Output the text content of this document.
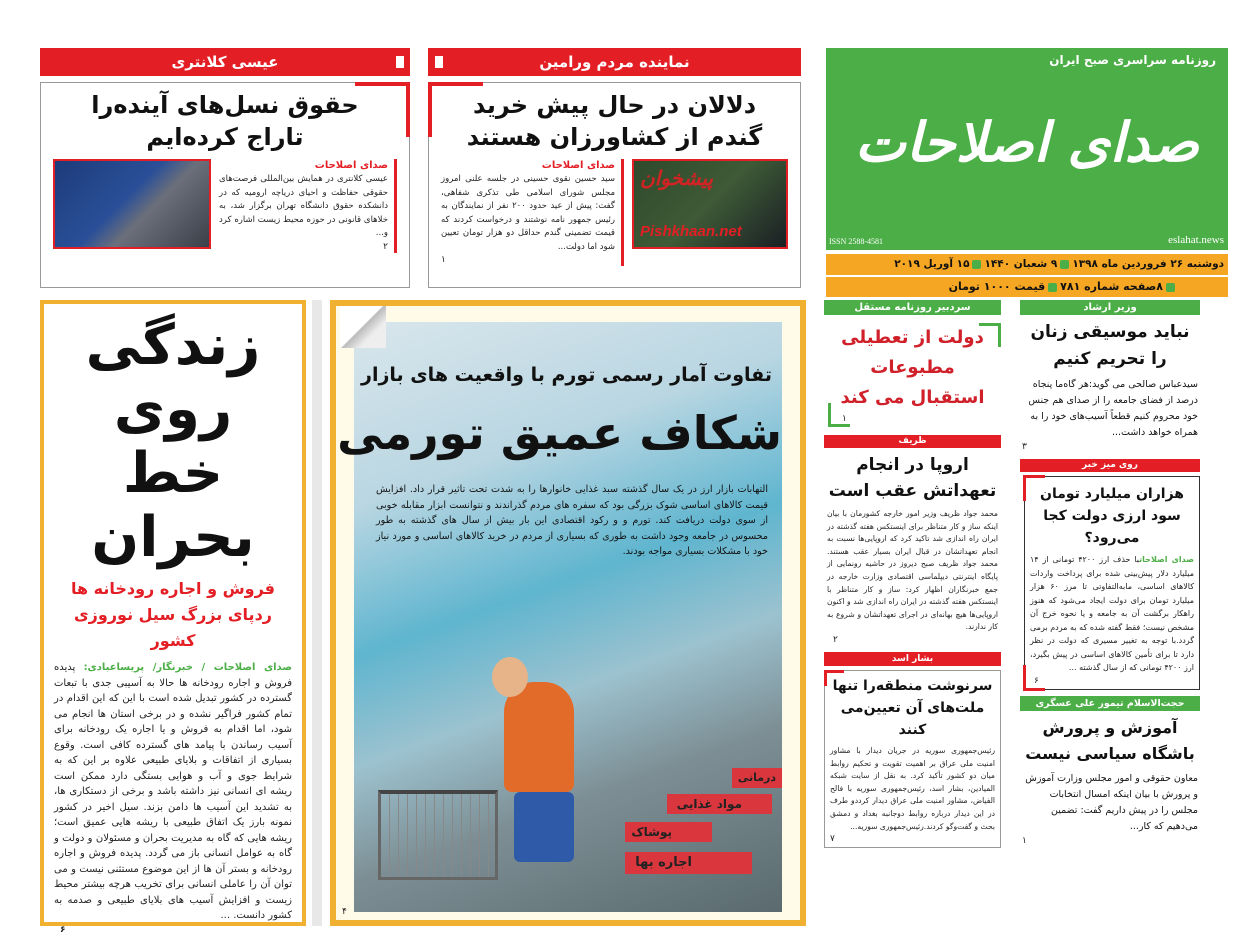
روزنامه سراسری صبح ایران
صدای اصلاحات
ISSN 2588-4581	eslahat.news
دوشنبه ۲۶ فروردین ماه ۱۳۹۸۹ شعبان ۱۴۴۰۱۵ آوریل ۲۰۱۹
۸صفحه شماره ۷۸۱قیمت ۱۰۰۰ تومان
عیسی کلانتری
حقوق نسل‌های آینده‌را تاراج کرده‌ایم
صدای اصلاحات
عیسی کلانتری در همایش بین‌المللی فرصت‌های حقوقی حفاظت و احیای دریاچه ارومیه که در دانشکده حقوق دانشگاه تهران برگزار شد، به خلاهای قانونی در حوزه محیط زیست اشاره کرد و...
۲
نماینده مردم ورامین
دلالان در حال پیش خرید گندم از کشاورزان هستند
صدای اصلاحات
سید حسین نقوی حسینی در جلسه علنی امروز مجلس شورای اسلامی طی تذکری شفاهی، گفت: پیش از عید حدود ۲۰۰ نفر از نمایندگان به رئیس جمهور نامه نوشتند و درخواست کردند که قیمت تضمینی گندم حداقل دو هزار تومان تعیین شود اما دولت...
۱
پیشخوان
Pishkhaan.net
زندگی
روی خط
بحران
فروش و اجاره رودخانه ها ردپای بزرگ سیل نوروزی کشور
صدای اصلاحات / خبرنگار/ پریساعبادی: پدیده فروش و اجاره رودخانه ها حالا به آسیبی جدی با تبعات گسترده در کشور تبدیل شده است با این که این اقدام در تمام کشور فراگیر نشده و در برخی استان ها انجام می شود، اما اقدام به فروش و یا اجاره یک رودخانه برای آسیب رساندن با پیامد های گسترده کافی است. وقوع بسیاری از اتفاقات و بلایای طبیعی علاوه بر این که به شرایط جوی و آب و هوایی بستگی دارد ممکن است ریشه ای انسانی نیز داشته باشد و برخی از دستکاری ها، به تشدید این آسیب ها دامن بزند. سیل اخیر در کشور نمونه بارز یک اتفاق طبیعی با ریشه هایی عمیق است؛ ریشه هایی که گاه به مدیریت بحران و مسئولان و دولت و گاه به عوامل انسانی باز می گردد. پدیده فروش و اجاره رودخانه و بستر آن ها از این موضوع مستثنی نیست و می توان آن را عاملی انسانی برای تخریب هرچه بیشتر محیط زیست و افزایش آسیب های بلایای طبیعی و صدمه به کشور دانست. ...
۶
تفاوت آمار رسمی تورم با واقعیت های بازار
شکاف عمیق تورمی
التهابات بازار ارز در یک سال گذشته سبد غذایی خانوارها را به شدت تحت تاثیر قرار داد. افزایش قیمت کالاهای اساسی شوک بزرگی بود که سفره های مردم گذراندند و نتوانست ابزار مقابله خوبی از سوی دولت دریافت کند. تورم و و رکود اقتصادی این بار بیش از سال های گذشته به طور محسوس در جامعه وجود داشت به طوری که بسیاری از مردم در خرید کالاهای اساسی و مورد نیاز خود با مشکلات بسیاری مواجه بودند.
درمانی
مواد غذایی
پوشاک
اجاره بها
۴
سردبیر روزنامه مستقل
دولت از تعطیلی مطبوعات استقبال می کند
۱
ظریف
اروپا در انجام تعهداتش عقب است
محمد جواد ظریف وزیر امور خارجه کشورمان با بیان اینکه ساز و کار متناظر برای اینستکس هفته گذشته در ایران راه اندازی شد تاکید کرد که اروپایی‌ها نسبت به انجام تعهداتشان در قبال ایران بسیار عقب هستند. محمد جواد ظریف صبح دیروز در حاشیه رونمایی از پایگاه اینترنتی دیپلماسی اقتصادی وزارت خارجه در جمع خبرنگاران اظهار کرد: ساز و کار متناظر با اینستکس هفته گذشته در ایران راه اندازی شد و اکنون اروپایی‌ها هیچ بهانه‌ای در اجرای تعهداتشان و شروع به کار ندارند.
۲
بشار اسد
سرنوشت منطقه‌را تنها ملت‌های آن تعیین‌می کنند
رئیس‌جمهوری سوریه در جریان دیدار با مشاور امنیت ملی عراق بر اهمیت تقویت و تحکیم روابط میان دو کشور تأکید کرد. به نقل از سایت شبکه المیادین، بشار اسد، رئیس‌جمهوری سوریه با فالح الفیاض، مشاور امنیت ملی عراق دیدار کرددو طرف در این دیدار درباره روابط دوجانبه بغداد و دمشق بحث و گفت‌وگو کردند.رئیس‌جمهوری سوریه...
۷
وزیر ارشاد
نباید موسیقی زنان را تحریم کنیم
سیدعباس صالحی می گوید:هر گاه‌ما پنجاه درصد از فضای جامعه را از صدای هم جنس خود محروم کنیم قطعاً آسیب‌های خود را به همراه خواهد داشت...
۳
روی میز خبر
هزاران میلیارد تومان سود ارزی دولت کجا می‌رود؟
صدای اصلاحاتبا حذف ارز ۴۲۰۰ تومانی از ۱۴ میلیارد دلار پیش‌بینی شده برای پرداخت واردات کالاهای اساسی، مابه‌التفاوتی تا مرز ۶۰ هزار میلیارد تومان برای دولت ایجاد می‌شود که هنوز راهکار برگشت آن به جامعه و یا نحوه خرج آن مشخص نیست؛ فقط گفته شده که به مردم برمی گردد.با توجه به تغییر مسیری که دولت در نظر دارد تا برای تأمین کالاهای اساسی در پیش بگیرد، ارز ۴۲۰۰ تومانی که از سال گذشته ...
۶
حجت‌الاسلام تیمور علی عسگری
آموزش و پرورش باشگاه سیاسی نیست
معاون حقوقی و امور مجلس وزارت آموزش و پرورش با بیان اینکه امسال انتخابات مجلس را در پیش داریم گفت: تضمین می‌دهیم که کار...
۱
